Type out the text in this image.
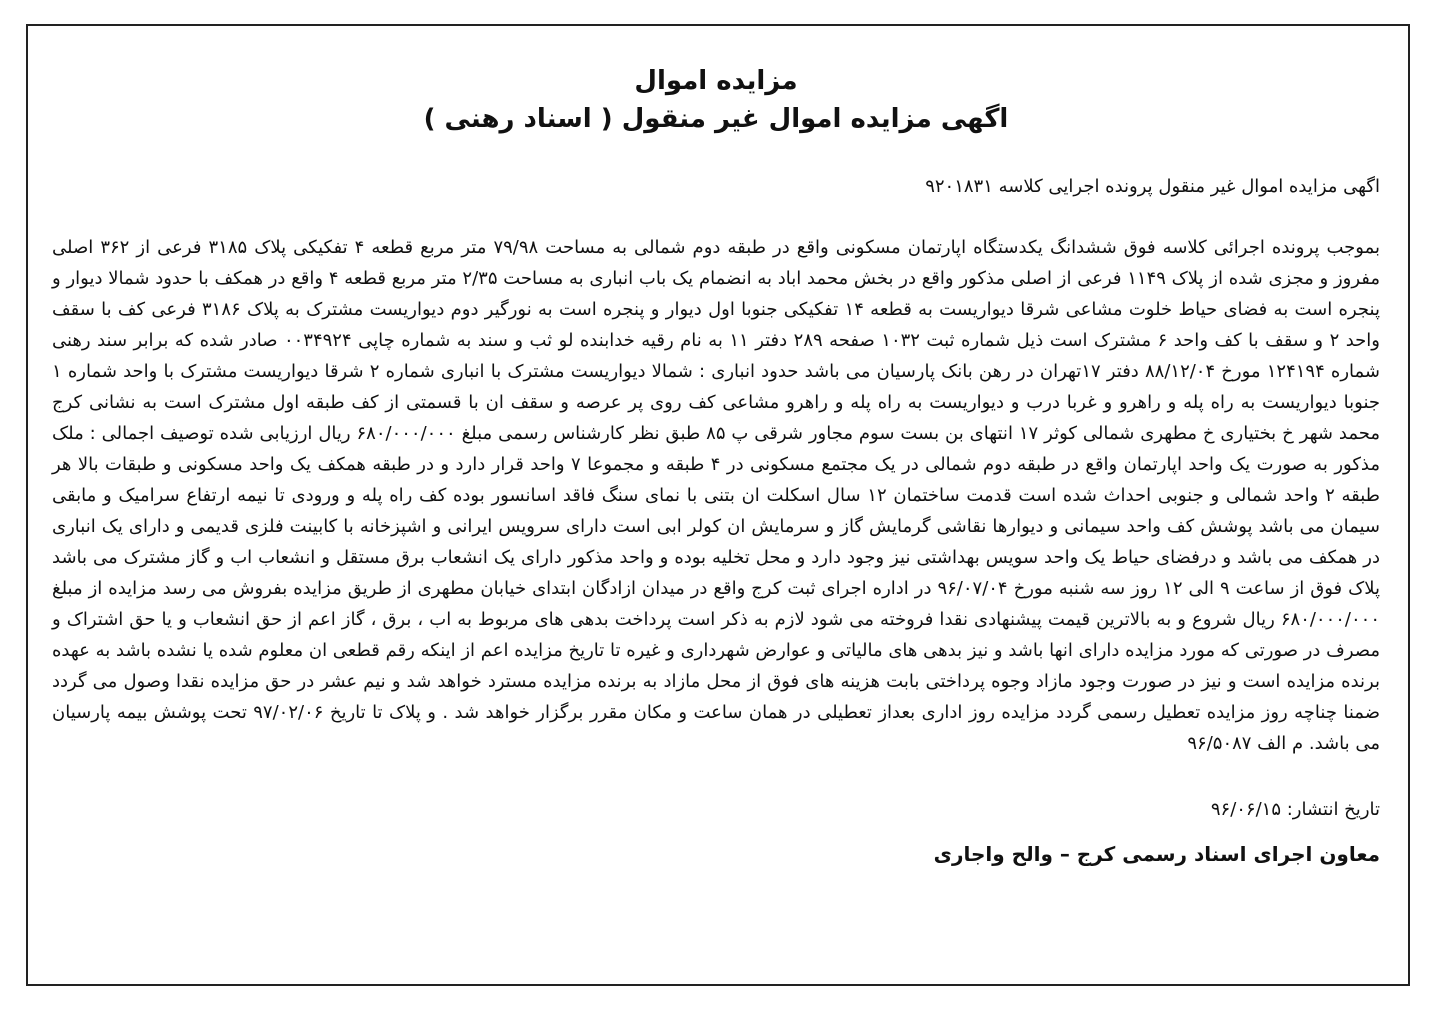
مزایده اموال
اگهی مزایده اموال غیر منقول ( اسناد رهنی )

اگهی مزایده اموال غیر منقول پرونده اجرایی کلاسه ۹۲۰۱۸۳۱

بموجب پرونده اجرائی کلاسه فوق ششدانگ یکدستگاه اپارتمان مسکونی واقع در طبقه دوم شمالی به مساحت ۷۹/۹۸ متر مربع قطعه ۴ تفکیکی پلاک ۳۱۸۵ فرعی از ۳۶۲ اصلی مفروز و مجزی شده از پلاک ۱۱۴۹ فرعی از اصلی مذکور واقع در بخش محمد اباد به انضمام یک باب انباری به مساحت ۲/۳۵ متر مربع قطعه ۴ واقع در همکف با حدود شمالا دیوار و پنجره است به فضای حیاط خلوت مشاعی شرقا دیواریست به قطعه ۱۴ تفکیکی جنوبا اول دیوار و پنجره است به نورگیر دوم دیواریست مشترک به پلاک ۳۱۸۶ فرعی کف با سقف واحد ۲ و سقف با کف واحد ۶ مشترک است ذیل شماره ثبت ۱۰۳۲ صفحه ۲۸۹ دفتر ۱۱ به نام رقیه خدابنده لو ثب و سند به شماره چاپی ۰۰۳۴۹۲۴ صادر شده که برابر سند رهنی شماره ۱۲۴۱۹۴ مورخ ۸۸/۱۲/۰۴ دفتر ۱۷تهران در رهن بانک پارسیان می باشد حدود انباری : شمالا دیواریست مشترک با انباری شماره ۲ شرقا دیواریست مشترک با واحد شماره ۱ جنوبا دیواریست به راه پله و راهرو و غربا درب و دیواریست به راه پله و راهرو مشاعی کف روی پر عرصه و سقف ان با قسمتی از کف طبقه اول مشترک است به نشانی کرج محمد شهر خ بختیاری خ مطهری شمالی کوثر ۱۷ انتهای بن بست سوم مجاور شرقی پ ۸۵ طبق نظر کارشناس رسمی مبلغ ۶۸۰/۰۰۰/۰۰۰ ریال ارزیابی شده توصیف اجمالی : ملک مذکور به صورت یک واحد اپارتمان واقع در طبقه دوم شمالی در یک مجتمع مسکونی در ۴ طبقه و مجموعا ۷ واحد قرار دارد و در طبقه همکف یک واحد مسکونی و طبقات بالا هر طبقه ۲ واحد شمالی و جنوبی احداث شده است قدمت ساختمان ۱۲ سال اسکلت ان بتنی با نمای سنگ فاقد اسانسور بوده کف راه پله و ورودی تا نیمه ارتفاع سرامیک و مابقی سیمان می باشد پوشش کف واحد سیمانی و دیوارها نقاشی گرمایش گاز و سرمایش ان کولر ابی است دارای سرویس ایرانی و اشپزخانه با کابینت فلزی قدیمی و دارای یک انباری در همکف می باشد و درفضای حیاط یک واحد سویس بهداشتی نیز وجود دارد و محل تخلیه بوده و واحد مذکور دارای یک انشعاب برق مستقل و انشعاب اب و گاز مشترک می باشد پلاک فوق از ساعت ۹ الی ۱۲ روز سه شنبه مورخ ۹۶/۰۷/۰۴ در اداره اجرای ثبت کرج واقع در میدان ازادگان ابتدای خیابان مطهری از طریق مزایده بفروش می رسد مزایده از مبلغ ۶۸۰/۰۰۰/۰۰۰ ریال شروع و به بالاترین قیمت پیشنهادی نقدا فروخته می شود لازم به ذکر است پرداخت بدهی های مربوط به اب ، برق ، گاز اعم از حق انشعاب و یا حق اشتراک و مصرف در صورتی که مورد مزایده دارای انها باشد و نیز بدهی های مالیاتی و عوارض شهرداری و غیره تا تاریخ مزایده اعم از اینکه رقم قطعی ان معلوم شده یا نشده باشد به عهده برنده مزایده است و نیز در صورت وجود مازاد وجوه پرداختی بابت هزینه های فوق از محل مازاد به برنده مزایده مسترد خواهد شد و نیم عشر در حق مزایده نقدا وصول می گردد ضمنا چناچه روز مزایده تعطیل رسمی گردد مزایده روز اداری بعداز تعطیلی در همان ساعت و مکان مقرر برگزار خواهد شد . و پلاک تا تاریخ ۹۷/۰۲/۰۶ تحت پوشش بیمه پارسیان می باشد. م الف ۹۶/۵۰۸۷

تاریخ انتشار: ۹۶/۰۶/۱۵

معاون اجرای اسناد رسمی کرج – والح واجاری
